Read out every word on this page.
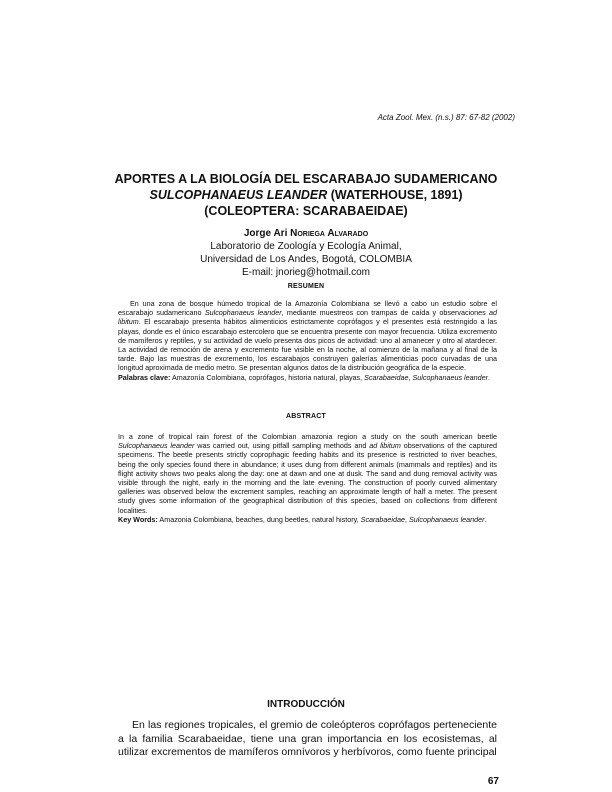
Acta Zool. Mex. (n.s.) 87: 67-82 (2002)
APORTES A LA BIOLOGÍA DEL ESCARABAJO SUDAMERICANO
SULCOPHANAEUS LEANDER (WATERHOUSE, 1891)
(COLEOPTERA: SCARABAEIDAE)
Jorge Ari Noriega Alvarado
Laboratorio de Zoología y Ecología Animal,
Universidad de Los Andes, Bogotá, COLOMBIA
E-mail: jnorieg@hotmail.com
RESUMEN
En una zona de bosque húmedo tropical de la Amazonía Colombiana se llevó a cabo un estudio sobre el escarabajo sudamericano Sulcophanaeus leander, mediante muestreos con trampas de caída y observaciones ad libitum. El escarabajo presenta hábitos alimenticios estrictamente coprófagos y el presentes está restringido a las playas, donde es el único escarabajo estercolero que se encuentra presente con mayor frecuencia. Utiliza excremento de mamíferos y reptiles, y su actividad de vuelo presenta dos picos de actividad: uno al amanecer y otro al atardecer. La actividad de remoción de arena y excremento fue visible en la noche, al comienzo de la mañana y al final de la tarde. Bajo las muestras de excremento, los escarabajos construyen galerías alimenticias poco curvadas de una longitud aproximada de medio metro. Se presentan algunos datos de la distribución geográfica de la especie.
Palabras clave: Amazonía Colombiana, coprófagos, historia natural, playas, Scarabaeidae, Sulcophanaeus leander.
ABSTRACT
In a zone of tropical rain forest of the Colombian amazonia region a study on the south american beetle Sulcophanaeus leander was carried out, using pitfall sampling methods and ad libitum observations of the captured specimens. The beetle presents strictly coprophagic feeding habits and its presence is restricted to river beaches, being the only species found there in abundance; it uses dung from different animals (mammals and reptiles) and its flight activity shows two peaks along the day: one at dawn and one at dusk. The sand and dung removal activity was visible through the night, early in the morning and the late evening. The construction of poorly curved alimentary galleries was observed below the excrement samples, reaching an approximate length of half a meter. The present study gives some information of the geographical distribution of this species, based on collections from different localities.
Key Words: Amazonia Colombiana, beaches, dung beetles, natural history, Scarabaeidae, Sulcophanaeus leander.
INTRODUCCIÓN
En las regiones tropicales, el gremio de coleópteros coprófagos perteneciente a la familia Scarabaeidae, tiene una gran importancia en los ecosistemas, al utilizar excrementos de mamíferos omnívoros y herbívoros, como fuente principal
67
